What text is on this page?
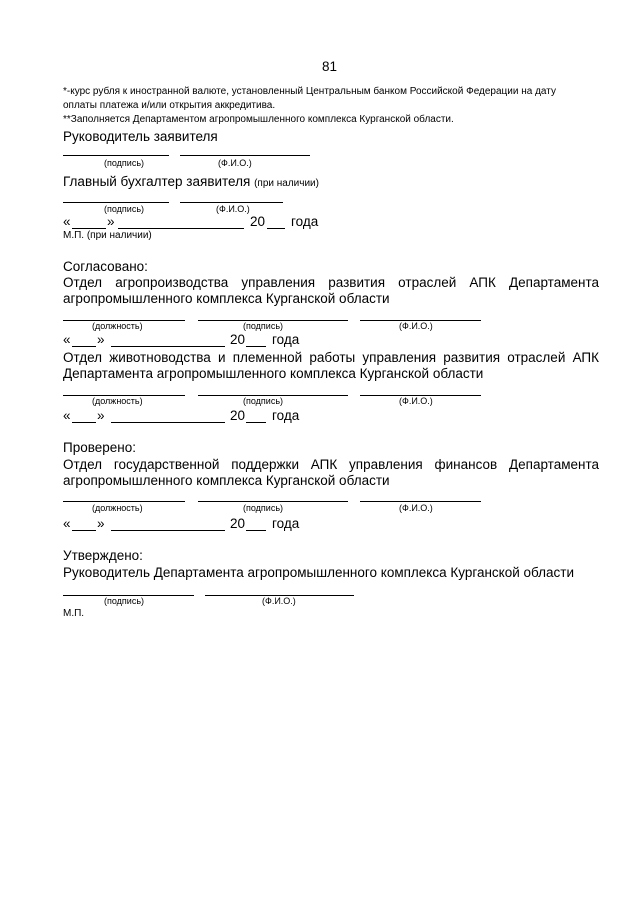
81
*-курс рубля к иностранной валюте, установленный Центральным банком Российской Федерации на дату
оплаты платежа и/или открытия аккредитива.
**Заполняется Департаментом агропромышленного комплекса Курганской области.
Руководитель заявителя
(подпись)	(Ф.И.О.)
Главный бухгалтер заявителя (при наличии)
(подпись)	(Ф.И.О.)
«	»	20 года
М.П. (при наличии)
Согласовано:
Отдел агропроизводства управления развития отраслей АПК Департамента
агропромышленного комплекса Курганской области
(должность)	(подпись)	(Ф.И.О.)
« »	20 года
Отдел животноводства и племенной работы управления развития отраслей АПК
Департамента агропромышленного комплекса Курганской области
(должность)	(подпись)	(Ф.И.О.)
« »	20 года
Проверено:
Отдел государственной поддержки АПК управления финансов Департамента
агропромышленного комплекса Курганской области
(должность)	(подпись)	(Ф.И.О.)
« »	20 года
Утверждено:
Руководитель Департамента агропромышленного комплекса Курганской области
(подпись)	(Ф.И.О.)
М.П.
